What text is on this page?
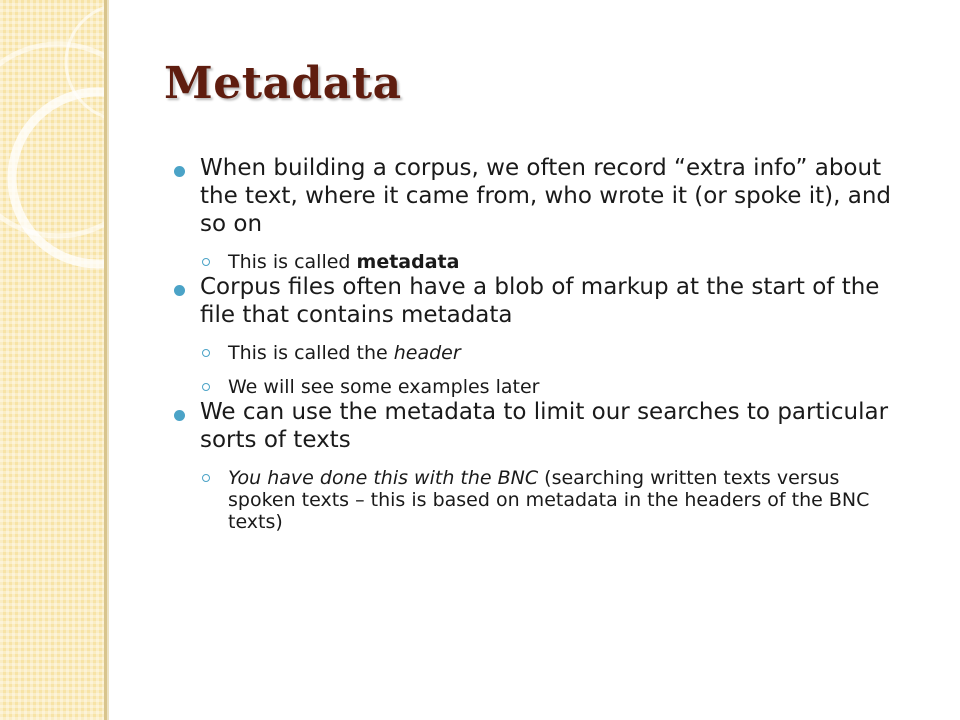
Metadata
When building a corpus, we often record “extra info” about the text, where it came from, who wrote it (or spoke it), and so on
This is called metadata
Corpus files often have a blob of markup at the start of the file that contains metadata
This is called the header
We will see some examples later
We can use the metadata to limit our searches to particular sorts of texts
You have done this with the BNC (searching written texts versus spoken texts – this is based on metadata in the headers of the BNC texts)
